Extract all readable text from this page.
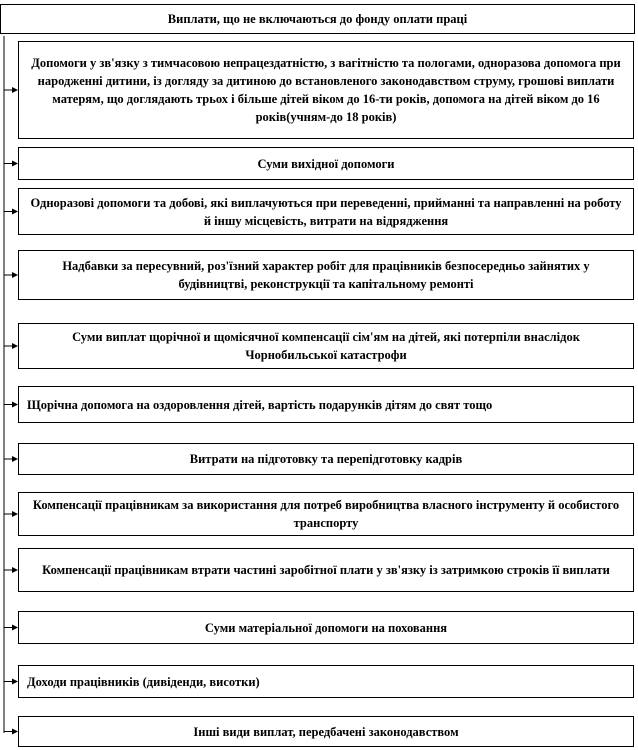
Виплати, що не включаються до фонду оплати праці
Допомоги у зв'язку з тимчасовою непрацездатністю, з вагітністю та пологами, одноразова допомога при народженні дитини, із догляду за дитиною до встановленого законодавством струму, грошові виплати матерям, що доглядають трьох і більше дітей віком до 16-ти років, допомога на дітей віком до 16 років(учням-до 18 років)
Суми вихідної допомоги
Одноразові допомоги та добові, які виплачуються при переведенні, прийманні та направленні на роботу й іншу місцевість, витрати на відрядження
Надбавки за пересувний, роз'їзний характер робіт для працівників безпосередньо зайнятих у будівництві, реконструкції та капітальному ремонті
Суми виплат щорічної и щомісячної компенсації сім'ям на дітей, які потерпіли внаслідок Чорнобильської катастрофи
Щорічна допомога на оздоровлення дітей, вартість подарунків дітям до свят тощо
Витрати на підготовку та перепідготовку кадрів
Компенсації працівникам за використання для потреб виробництва власного інструменту й особистого транспорту
Компенсації працівникам втрати частині заробітної плати у зв'язку із затримкою строків її виплати
Суми матеріальної допомоги на поховання
Доходи працівників (дивіденди, висотки)
Інші види виплат, передбачені законодавством
